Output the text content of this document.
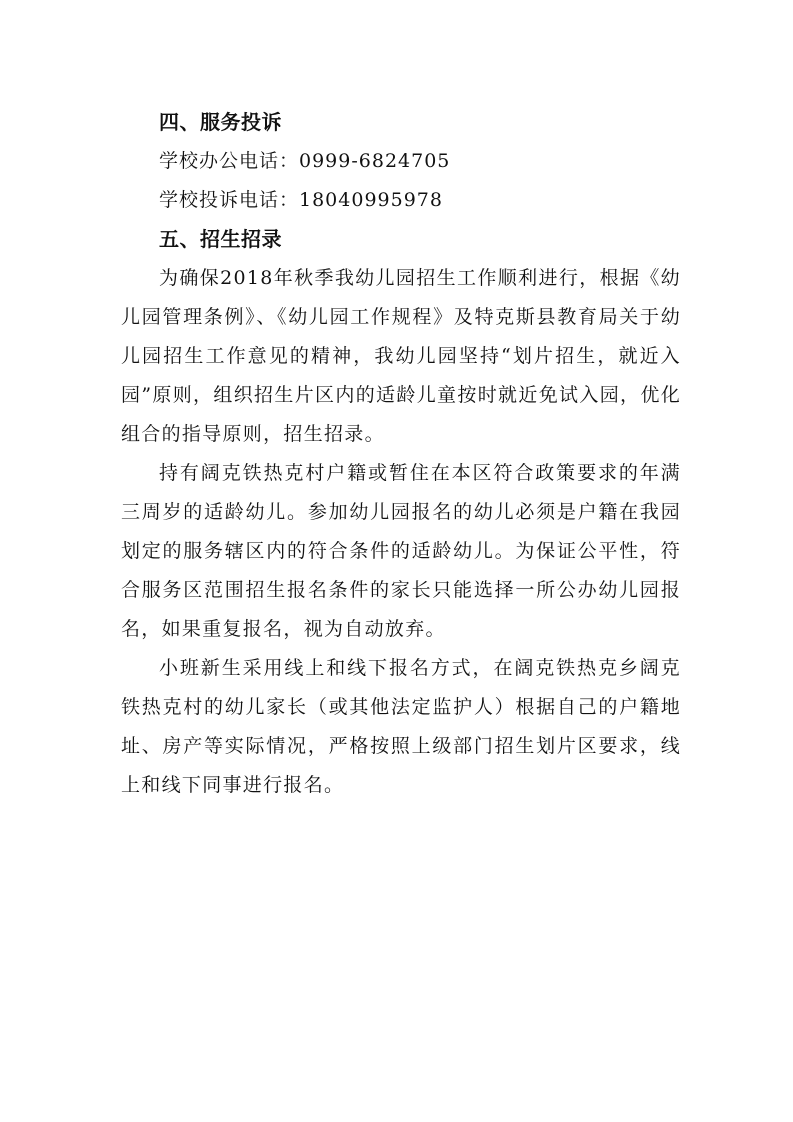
四、服务投诉
学校办公电话：0999-6824705
学校投诉电话：18040995978
五、招生招录

为确保2018年秋季我幼儿园招生工作顺利进行，根据《幼儿园管理条例》、《幼儿园工作规程》及特克斯县教育局关于幼儿园招生工作意见的精神，我幼儿园坚持“划片招生，就近入园”原则，组织招生片区内的适龄儿童按时就近免试入园，优化组合的指导原则，招生招录。

持有阔克铁热克村户籍或暂住在本区符合政策要求的年满三周岁的适龄幼儿。参加幼儿园报名的幼儿必须是户籍在我园划定的服务辖区内的符合条件的适龄幼儿。为保证公平性，符合服务区范围招生报名条件的家长只能选择一所公办幼儿园报名，如果重复报名，视为自动放弃。

小班新生采用线上和线下报名方式，在阔克铁热克乡阔克铁热克村的幼儿家长（或其他法定监护人）根据自己的户籍地址、房产等实际情况，严格按照上级部门招生划片区要求，线上和线下同事进行报名。
